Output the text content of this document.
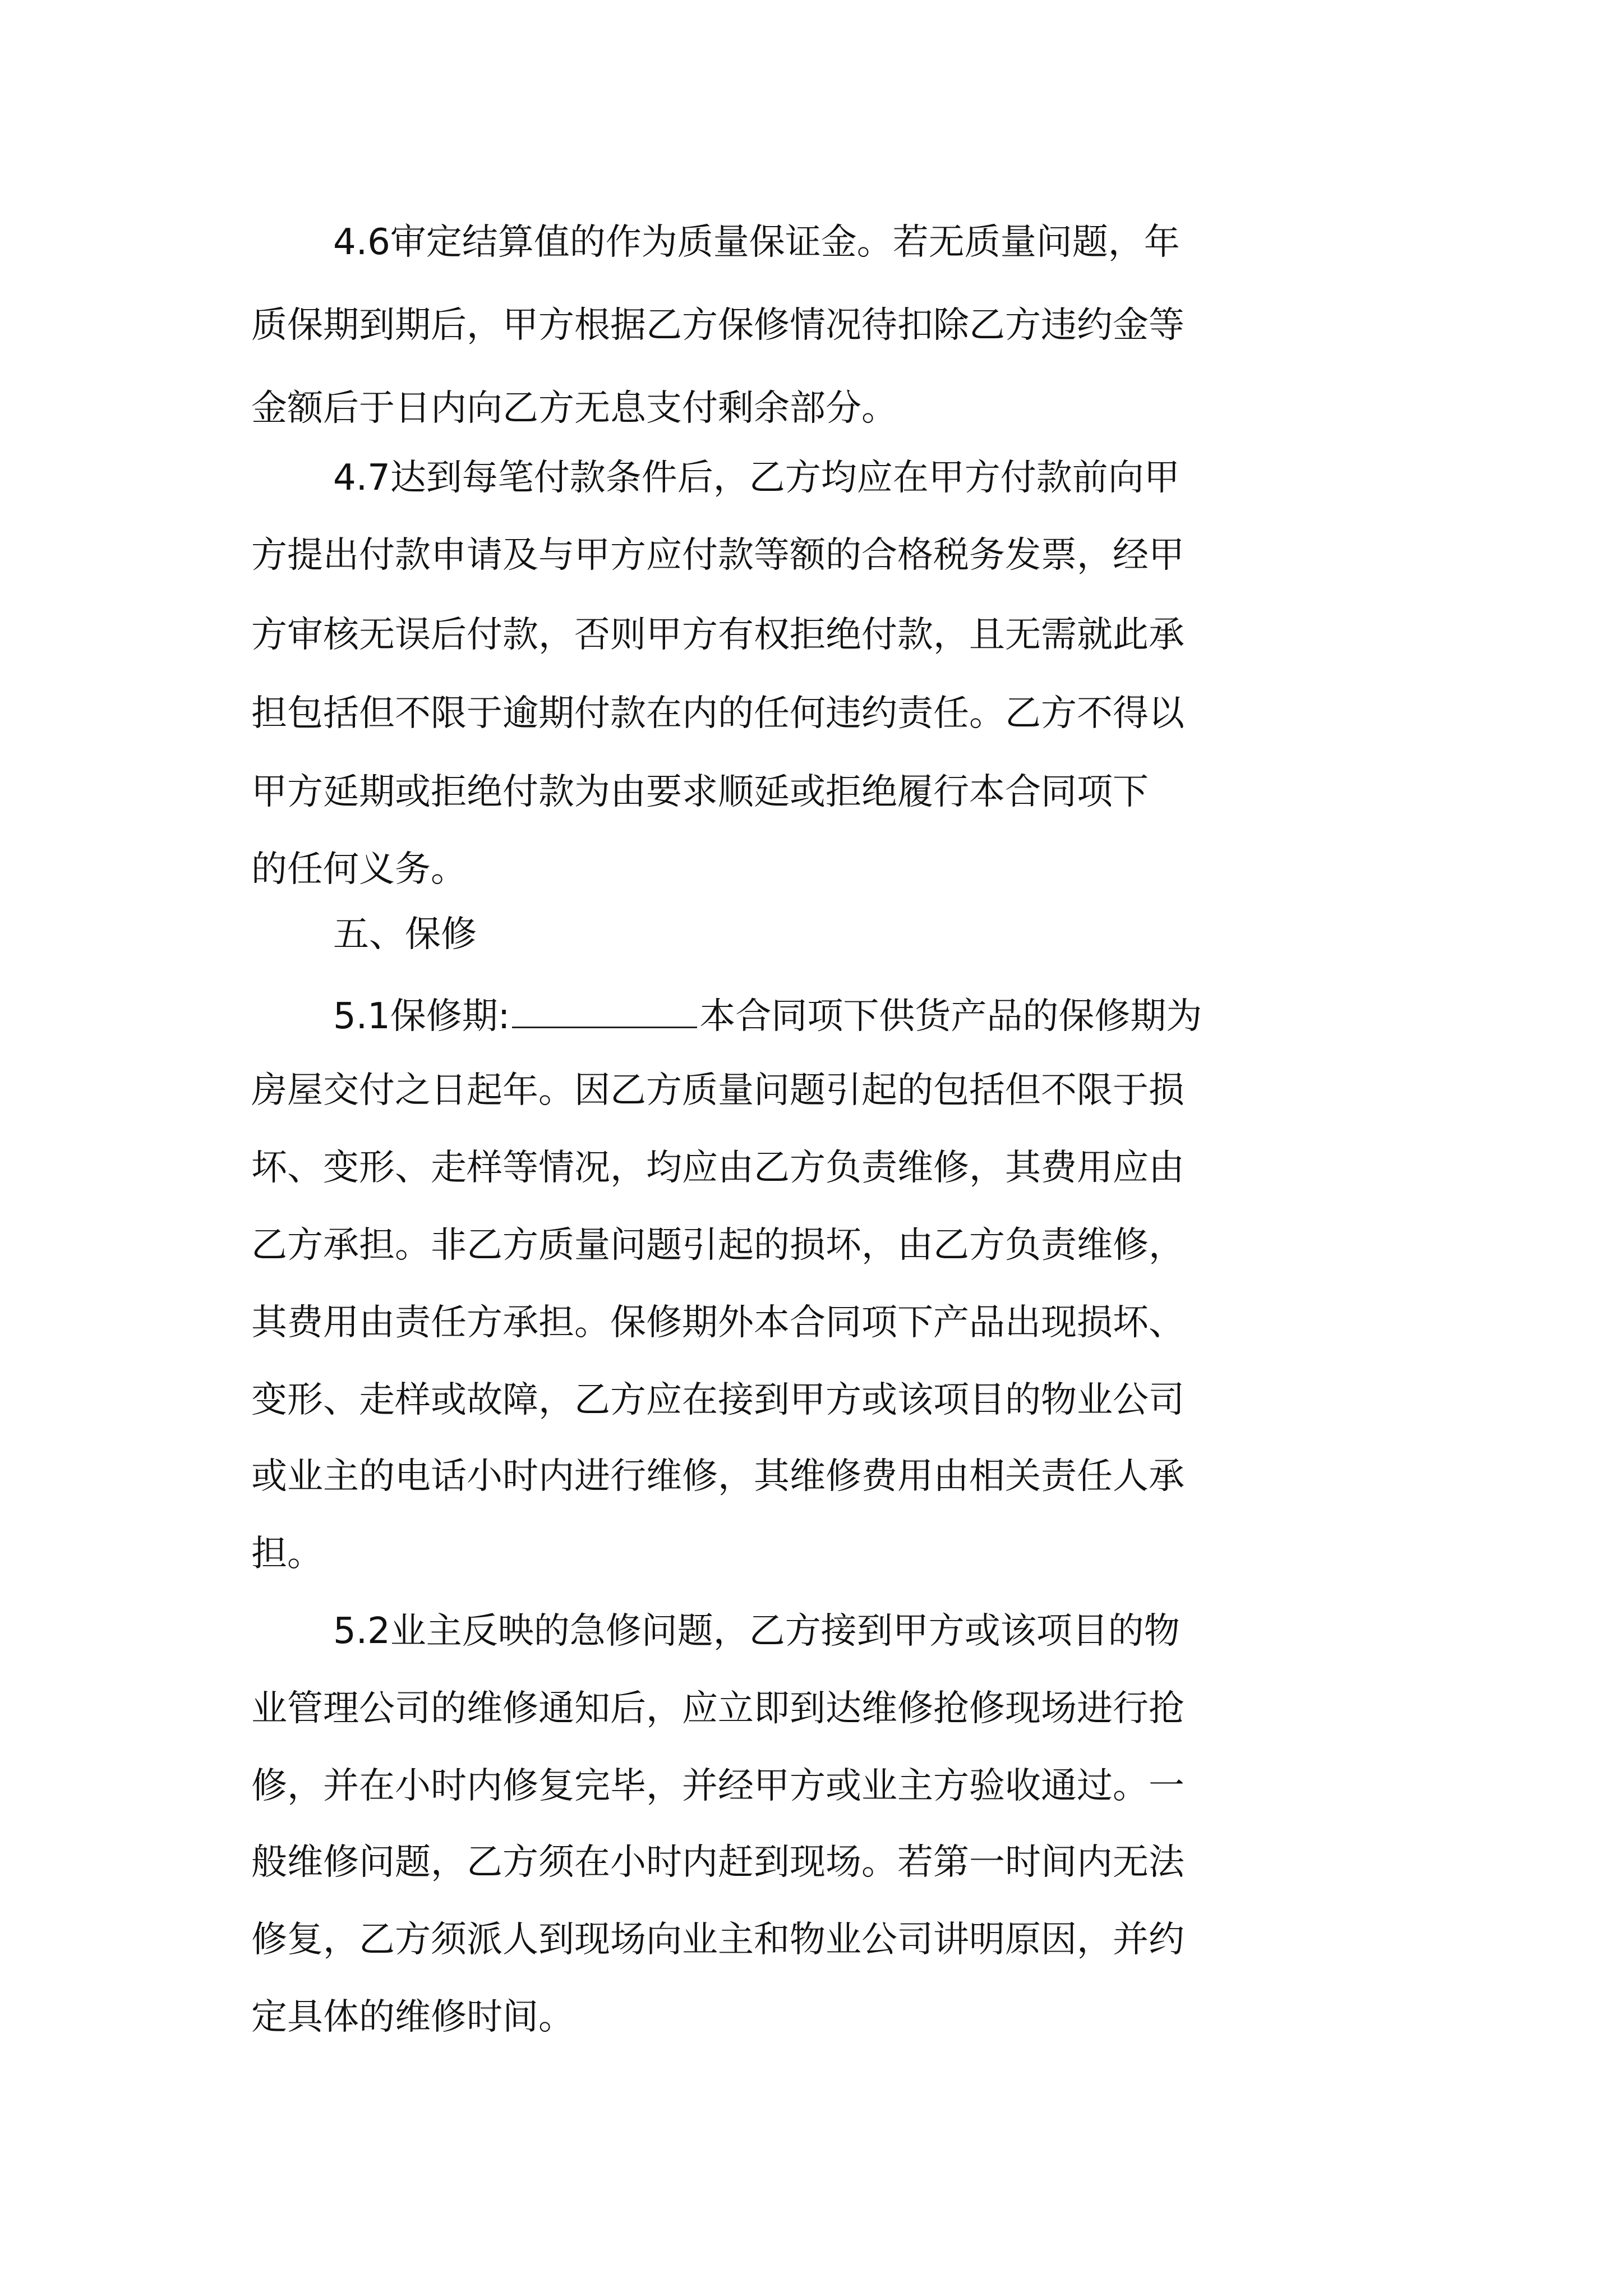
4.6审定结算值的作为质量保证金。若无质量问题，年
质保期到期后，甲方根据乙方保修情况待扣除乙方违约金等
金额后于日内向乙方无息支付剩余部分。
4.7达到每笔付款条件后，乙方均应在甲方付款前向甲
方提出付款申请及与甲方应付款等额的合格税务发票，经甲
方审核无误后付款，否则甲方有权拒绝付款，且无需就此承
担包括但不限于逾期付款在内的任何违约责任。乙方不得以
甲方延期或拒绝付款为由要求顺延或拒绝履行本合同项下
的任何义务。
五、保修
5.1保修期:	本合同项下供货产品的保修期为
房屋交付之日起年。因乙方质量问题引起的包括但不限于损
坏、变形、走样等情况，均应由乙方负责维修，其费用应由
乙方承担。非乙方质量问题引起的损坏，由乙方负责维修，
其费用由责任方承担。保修期外本合同项下产品出现损坏、
变形、走样或故障，乙方应在接到甲方或该项目的物业公司
或业主的电话小时内进行维修，其维修费用由相关责任人承
担。
5.2业主反映的急修问题，乙方接到甲方或该项目的物
业管理公司的维修通知后，应立即到达维修抢修现场进行抢
修，并在小时内修复完毕，并经甲方或业主方验收通过。一
般维修问题，乙方须在小时内赶到现场。若第一时间内无法
修复，乙方须派人到现场向业主和物业公司讲明原因，并约
定具体的维修时间。
